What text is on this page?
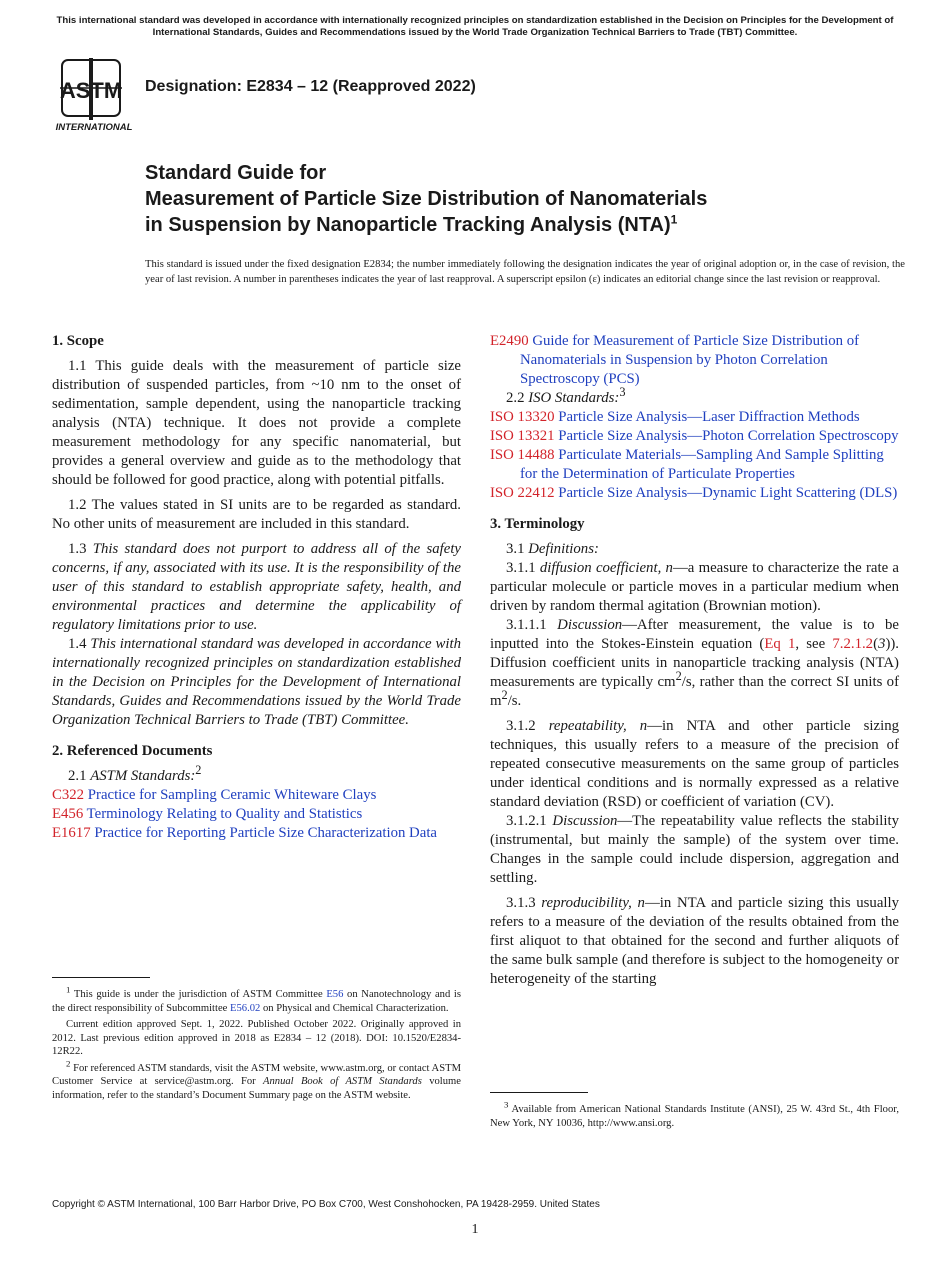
This international standard was developed in accordance with internationally recognized principles on standardization established in the Decision on Principles for the Development of International Standards, Guides and Recommendations issued by the World Trade Organization Technical Barriers to Trade (TBT) Committee.
ASTM
INTERNATIONAL
Designation: E2834 – 12 (Reapproved 2022)
Standard Guide for
Measurement of Particle Size Distribution of Nanomaterials
in Suspension by Nanoparticle Tracking Analysis (NTA)$^1$
This standard is issued under the fixed designation E2834; the number immediately following the designation indicates the year of original adoption or, in the case of revision, the year of last revision. A number in parentheses indicates the year of last reapproval. A superscript epsilon (ε) indicates an editorial change since the last revision or reapproval.

1. Scope

1.1 This guide deals with the measurement of particle size distribution of suspended particles, from ~10 nm to the onset of sedimentation, sample dependent, using the nanoparticle tracking analysis (NTA) technique. It does not provide a complete measurement methodology for any specific nanomaterial, but provides a general overview and guide as to the methodology that should be followed for good practice, along with potential pitfalls.

1.2 The values stated in SI units are to be regarded as standard. No other units of measurement are included in this standard.

1.3 This standard does not purport to address all of the safety concerns, if any, associated with its use. It is the responsibility of the user of this standard to establish appropriate safety, health, and environmental practices and determine the applicability of regulatory limitations prior to use.

1.4 This international standard was developed in accordance with internationally recognized principles on standardization established in the Decision on Principles for the Development of International Standards, Guides and Recommendations issued by the World Trade Organization Technical Barriers to Trade (TBT) Committee.

2. Referenced Documents

2.1 ASTM Standards:$^2$

C322 Practice for Sampling Ceramic Whiteware Clays

E456 Terminology Relating to Quality and Statistics

E1617 Practice for Reporting Particle Size Characterization Data

$^1$ This guide is under the jurisdiction of ASTM Committee E56 on Nanotechnology and is the direct responsibility of Subcommittee E56.02 on Physical and Chemical Characterization.

Current edition approved Sept. 1, 2022. Published October 2022. Originally approved in 2012. Last previous edition approved in 2018 as E2834 – 12 (2018). DOI: 10.1520/E2834-12R22.

$^2$ For referenced ASTM standards, visit the ASTM website, www.astm.org, or contact ASTM Customer Service at service@astm.org. For Annual Book of ASTM Standards volume information, refer to the standard’s Document Summary page on the ASTM website.

E2490 Guide for Measurement of Particle Size Distribution of Nanomaterials in Suspension by Photon Correlation Spectroscopy (PCS)

2.2 ISO Standards:$^3$

ISO 13320 Particle Size Analysis—Laser Diffraction Methods

ISO 13321 Particle Size Analysis—Photon Correlation Spectroscopy

ISO 14488 Particulate Materials—Sampling And Sample Splitting for the Determination of Particulate Properties

ISO 22412 Particle Size Analysis—Dynamic Light Scattering (DLS)

3. Terminology

3.1 Definitions:

3.1.1 diffusion coefficient, n—a measure to characterize the rate a particular molecule or particle moves in a particular medium when driven by random thermal agitation (Brownian motion).

3.1.1.1 Discussion—After measurement, the value is to be inputted into the Stokes-Einstein equation (Eq 1, see 7.2.1.2(3)). Diffusion coefficient units in nanoparticle tracking analysis (NTA) measurements are typically $cm^2/s$, rather than the correct SI units of $m^2/s$.

3.1.2 repeatability, n—in NTA and other particle sizing techniques, this usually refers to a measure of the precision of repeated consecutive measurements on the same group of particles under identical conditions and is normally expressed as a relative standard deviation (RSD) or coefficient of variation (CV).

3.1.2.1 Discussion—The repeatability value reflects the stability (instrumental, but mainly the sample) of the system over time. Changes in the sample could include dispersion, aggregation and settling.

3.1.3 reproducibility, n—in NTA and particle sizing this usually refers to a measure of the deviation of the results obtained from the first aliquot to that obtained for the second and further aliquots of the same bulk sample (and therefore is subject to the homogeneity or heterogeneity of the starting

$^3$ Available from American National Standards Institute (ANSI), 25 W. 43rd St., 4th Floor, New York, NY 10036, http://www.ansi.org.

Copyright © ASTM International, 100 Barr Harbor Drive, PO Box C700, West Conshohocken, PA 19428-2959. United States
1
